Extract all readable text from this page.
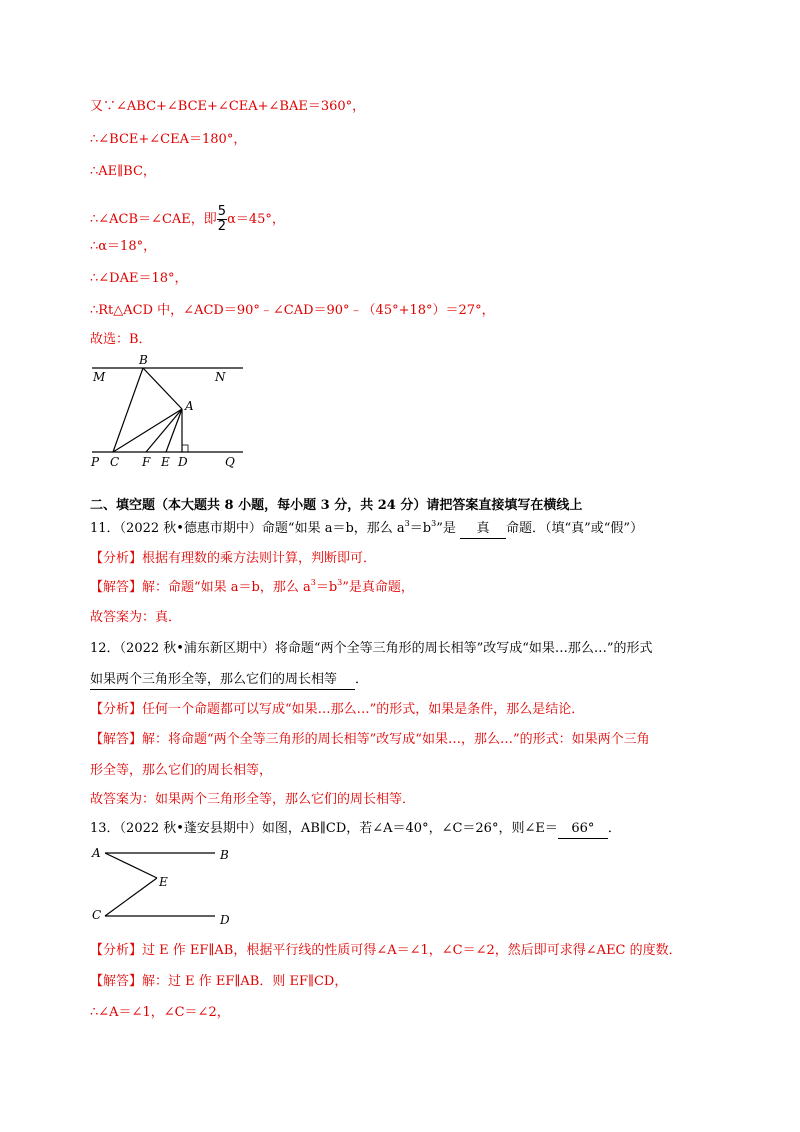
又∵∠ABC+∠BCE+∠CEA+∠BAE＝360°，
∴∠BCE+∠CEA＝180°，
∴AE∥BC，
∴∠ACB＝∠CAE，即 $\frac{5}{2} \alpha=45^\circ$，
∴α＝18°，
∴∠DAE＝18°，
∴Rt△ACD 中，∠ACD＝90°﹣∠CAD＝90°﹣（45°+18°）＝27°，
故选：B．
B
M	N
A
P C F E D	Q
二、填空题（本大题共 8 小题，每小题 3 分，共 24 分）请把答案直接填写在横线上
11．（2022 秋•德惠市期中）命题“如果 a＝b，那么 $a^3=b^3$”是 真 命题．（填“真”或“假”）
【分析】根据有理数的乘方法则计算，判断即可．
【解答】解：命题“如果 a＝b，那么 $a^3=b^3$”是真命题，
故答案为：真．
12．（2022 秋•浦东新区期中）将命题“两个全等三角形的周长相等”改写成“如果…那么…”的形式
如果两个三角形全等，那么它们的周长相等 ．
【分析】任何一个命题都可以写成“如果…那么…”的形式，如果是条件，那么是结论．
【解答】解：将命题“两个全等三角形的周长相等”改写成“如果…，那么…”的形式：如果两个三角
形全等，那么它们的周长相等，
故答案为：如果两个三角形全等，那么它们的周长相等．
13．（2022 秋•蓬安县期中）如图，AB∥CD，若∠A＝40°，∠C＝26°，则∠E＝ 66° ．
A	B
E
C	D
【分析】过 E 作 EF∥AB，根据平行线的性质可得∠A＝∠1，∠C＝∠2，然后即可求得∠AEC 的度数．
【解答】解：过 E 作 EF∥AB．则 EF∥CD，
∴∠A＝∠1，∠C＝∠2，
